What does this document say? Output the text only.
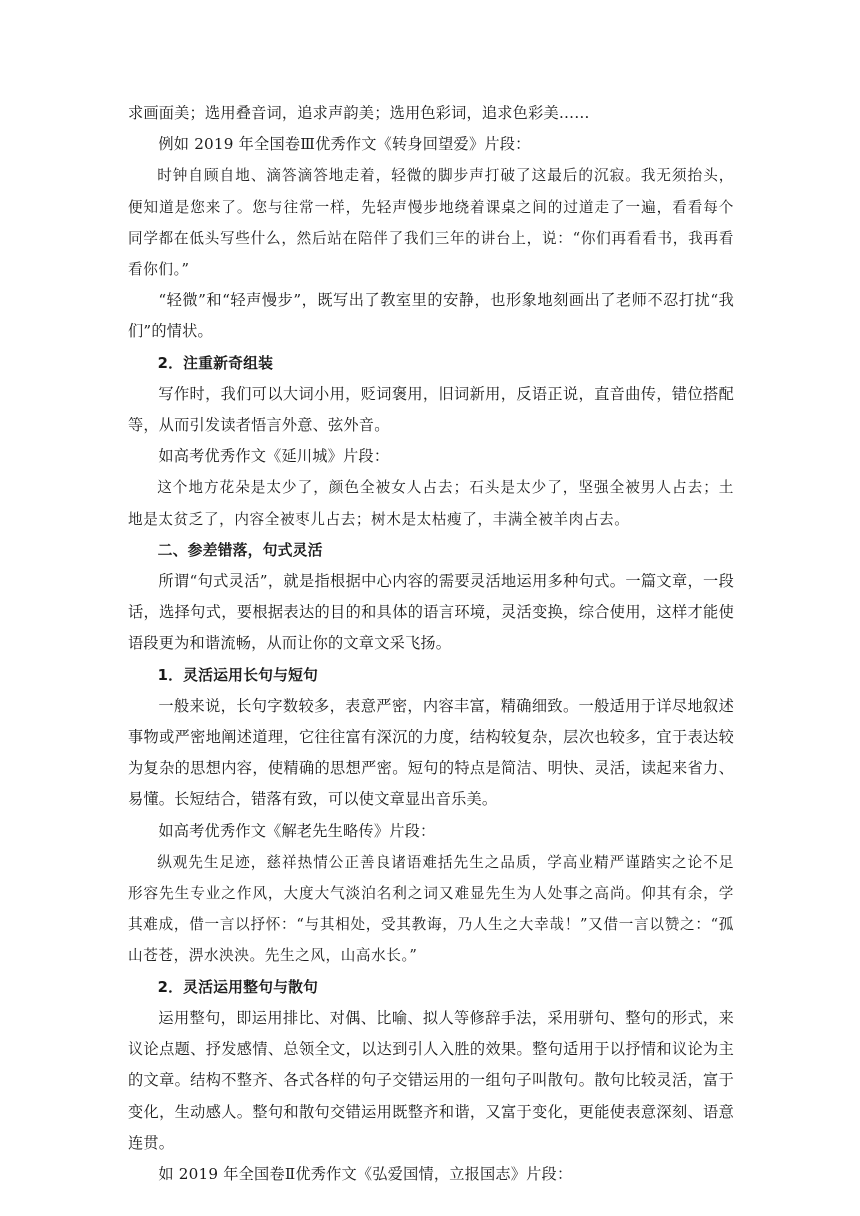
求画面美；选用叠音词，追求声韵美；选用色彩词，追求色彩美……

例如 2019 年全国卷Ⅲ优秀作文《转身回望爱》片段：

时钟自顾自地、滴答滴答地走着，轻微的脚步声打破了这最后的沉寂。我无须抬头，便知道是您来了。您与往常一样，先轻声慢步地绕着课桌之间的过道走了一遍，看看每个同学都在低头写些什么，然后站在陪伴了我们三年的讲台上，说：“你们再看看书，我再看看你们。”

“轻微”和“轻声慢步”，既写出了教室里的安静，也形象地刻画出了老师不忍打扰“我们”的情状。

2．注重新奇组装

写作时，我们可以大词小用，贬词褒用，旧词新用，反语正说，直音曲传，错位搭配等，从而引发读者悟言外意、弦外音。

如高考优秀作文《延川城》片段：

这个地方花朵是太少了，颜色全被女人占去；石头是太少了，坚强全被男人占去；土地是太贫乏了，内容全被枣儿占去；树木是太枯瘦了，丰满全被羊肉占去。

二、参差错落，句式灵活

所谓“句式灵活”，就是指根据中心内容的需要灵活地运用多种句式。一篇文章，一段话，选择句式，要根据表达的目的和具体的语言环境，灵活变换，综合使用，这样才能使语段更为和谐流畅，从而让你的文章文采飞扬。

1．灵活运用长句与短句

一般来说，长句字数较多，表意严密，内容丰富，精确细致。一般适用于详尽地叙述事物或严密地阐述道理，它往往富有深沉的力度，结构较复杂，层次也较多，宜于表达较为复杂的思想内容，使精确的思想严密。短句的特点是简洁、明快、灵活，读起来省力、易懂。长短结合，错落有致，可以使文章显出音乐美。

如高考优秀作文《解老先生略传》片段：

纵观先生足迹，慈祥热情公正善良诸语难括先生之品质，学高业精严谨踏实之论不足形容先生专业之作风，大度大气淡泊名利之词又难显先生为人处事之高尚。仰其有余，学其难成，借一言以抒怀：“与其相处，受其教诲，乃人生之大幸哉！”又借一言以赞之：“孤山苍苍，淠水泱泱。先生之风，山高水长。”

2．灵活运用整句与散句

运用整句，即运用排比、对偶、比喻、拟人等修辞手法，采用骈句、整句的形式，来议论点题、抒发感情、总领全文，以达到引人入胜的效果。整句适用于以抒情和议论为主的文章。结构不整齐、各式各样的句子交错运用的一组句子叫散句。散句比较灵活，富于变化，生动感人。整句和散句交错运用既整齐和谐，又富于变化，更能使表意深刻、语意连贯。

如 2019 年全国卷Ⅱ优秀作文《弘爱国情，立报国志》片段：
